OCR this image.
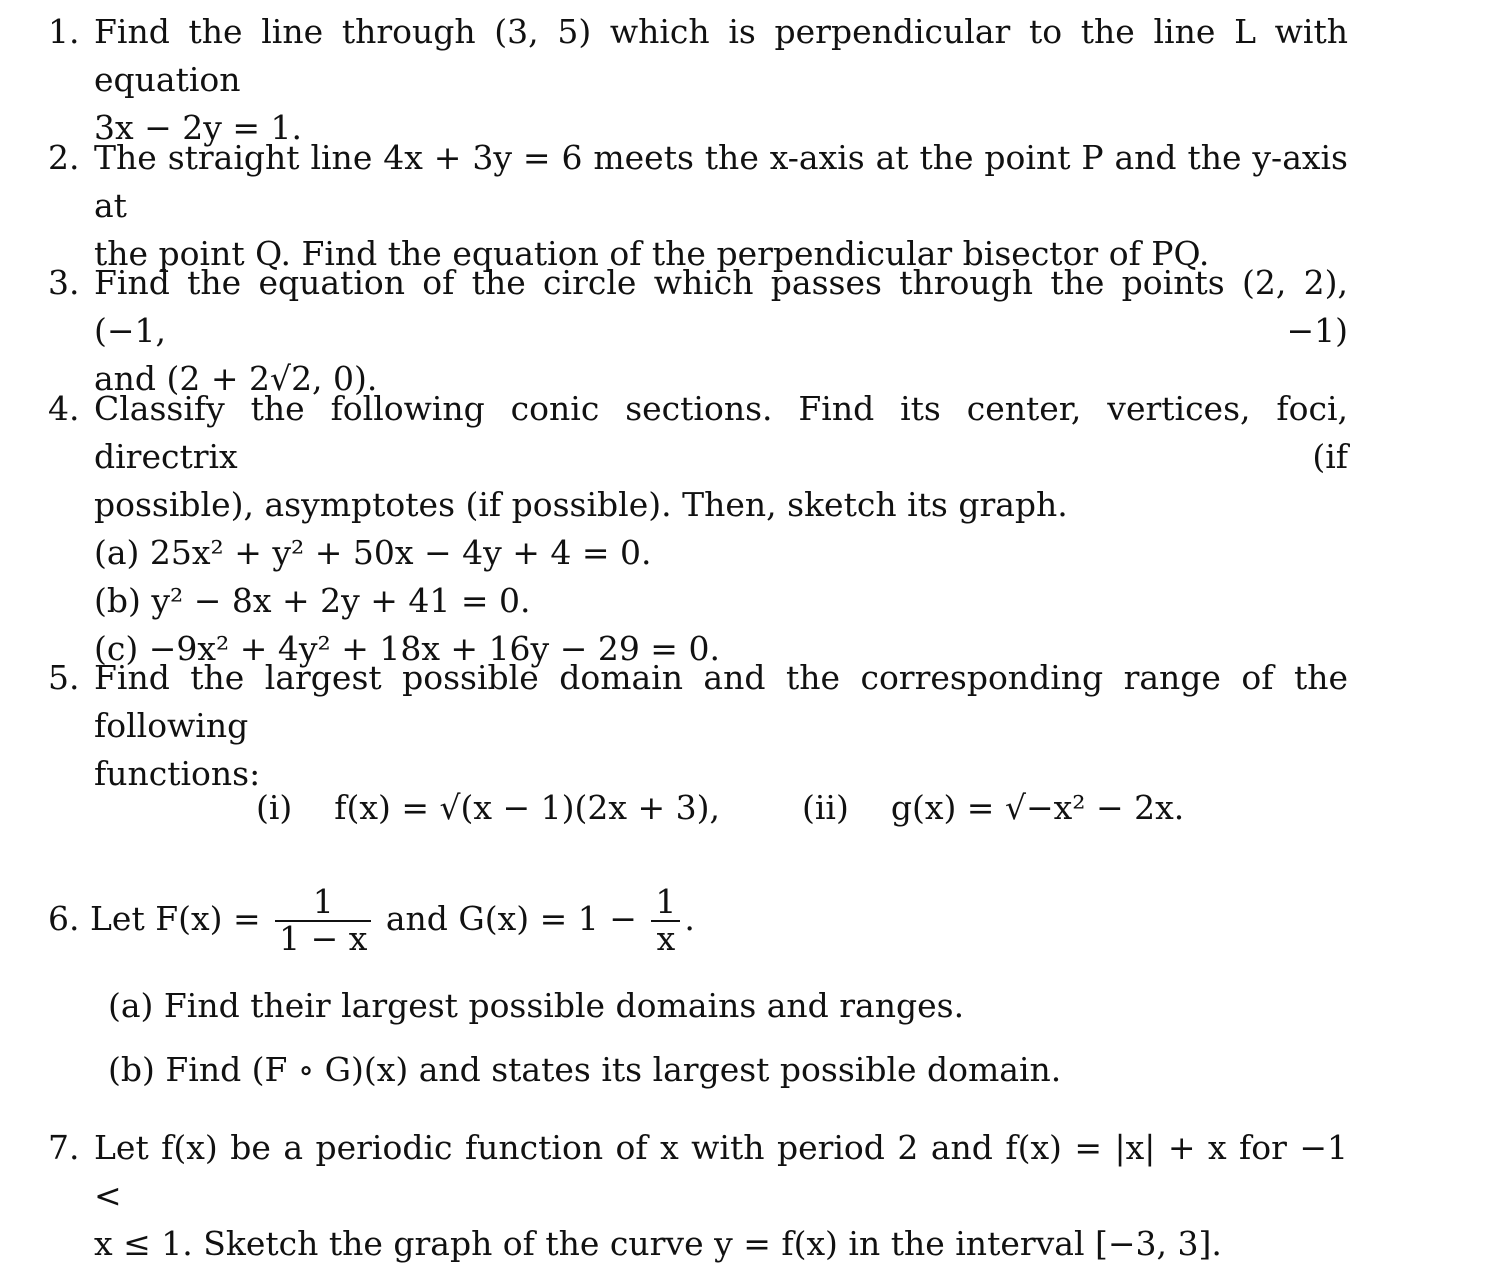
1. Find the line through (3, 5) which is perpendicular to the line L with equation
3x − 2y = 1.
2. The straight line 4x + 3y = 6 meets the x-axis at the point P and the y-axis at
the point Q. Find the equation of the perpendicular bisector of PQ.
3. Find the equation of the circle which passes through the points (2, 2), (−1, −1)
and (2 + 2√2, 0).
4. Classify the following conic sections. Find its center, vertices, foci, directrix (if
possible), asymptotes (if possible). Then, sketch its graph.
(a) 25x² + y² + 50x − 4y + 4 = 0.
(b) y² − 8x + 2y + 41 = 0.
(c) −9x² + 4y² + 18x + 16y − 29 = 0.
5. Find the largest possible domain and the corresponding range of the following
functions:
(i) f(x) = √(x − 1)(2x + 3), (ii) g(x) = √−x² − 2x.
6. Let $F(x) = \frac{1}{1 - x}$ and $G(x) = 1 - \frac{1}{x}$ .
(a) Find their largest possible domains and ranges.
(b) Find (F ∘ G)(x) and states its largest possible domain.
7. Let f(x) be a periodic function of x with period 2 and f(x) = |x| + x for −1 <
x ≤ 1. Sketch the graph of the curve y = f(x) in the interval [−3, 3].
